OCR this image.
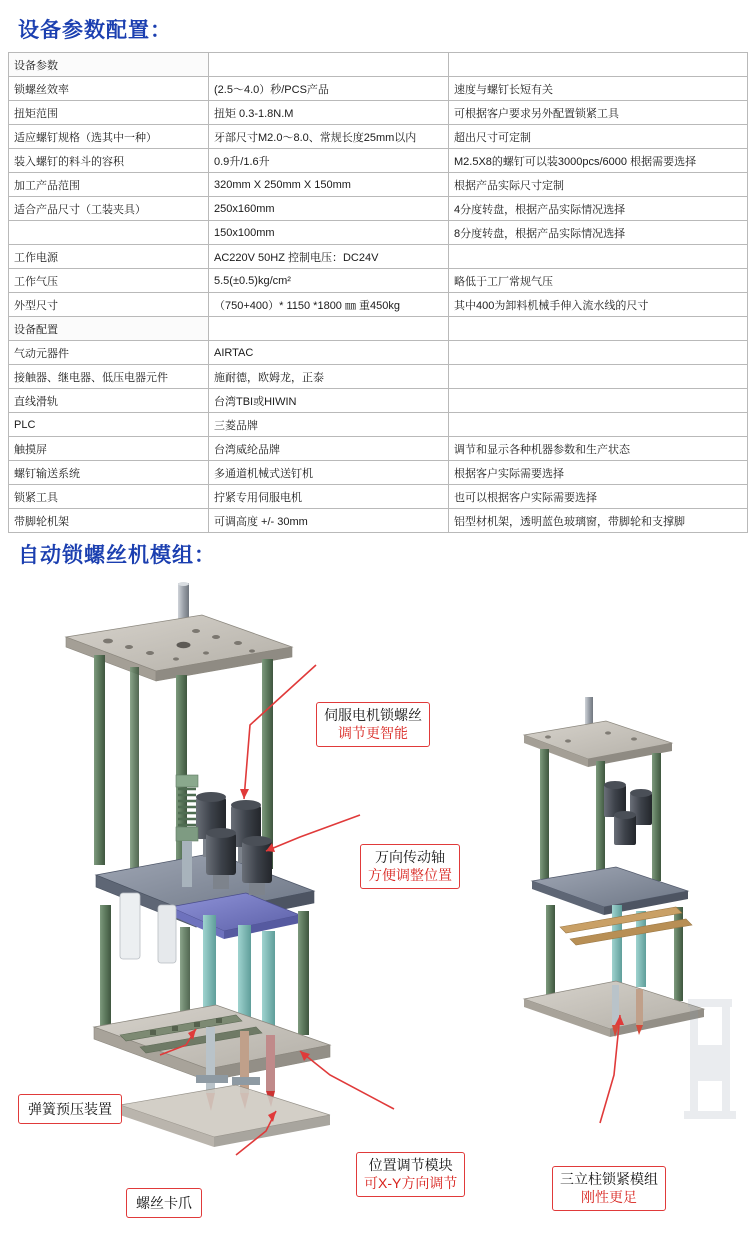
设备参数配置：
设备参数		
锁螺丝效率	(2.5～4.0）秒/PCS产品	速度与螺钉长短有关
扭矩范围	扭矩 0.3-1.8N.M	可根据客户要求另外配置锁紧工具
适应螺钉规格（选其中一种）	牙部尺寸M2.0～8.0、常规长度25mm以内	超出尺寸可定制
装入螺钉的料斗的容积	0.9升/1.6升	M2.5X8的螺钉可以装3000pcs/6000 根据需要选择
加工产品范围	320mm X 250mm X 150mm	根据产品实际尺寸定制
适合产品尺寸（工装夹具）	250x160mm	4分度转盘，根据产品实际情况选择
	150x100mm	8分度转盘，根据产品实际情况选择
工作电源	AC220V 50HZ 控制电压：DC24V	
工作气压	5.5(±0.5)kg/cm²	略低于工厂常规气压
外型尺寸	（750+400）* 1150 *1800 ㎜ 重450kg	其中400为卸料机械手伸入流水线的尺寸
设备配置		
气动元器件	AIRTAC	
接触器、继电器、低压电器元件	施耐德，欧姆龙，正泰	
直线滑轨	台湾TBI或HIWIN	
PLC	三菱品牌	
触摸屏	台湾威纶品牌	调节和显示各种机器参数和生产状态
螺钉输送系统	多通道机械式送钉机	根据客户实际需要选择
锁紧工具	拧紧专用伺服电机	也可以根据客户实际需要选择
带脚轮机架	可调高度 +/- 30mm	铝型材机架，透明蓝色玻璃窗，带脚轮和支撑脚
自动锁螺丝机模组：
伺服电机锁螺丝
调节更智能
万向传动轴
方便调整位置
弹簧预压装置
螺丝卡爪
位置调节模块
可X-Y方向调节	三立柱锁紧模组
刚性更足
